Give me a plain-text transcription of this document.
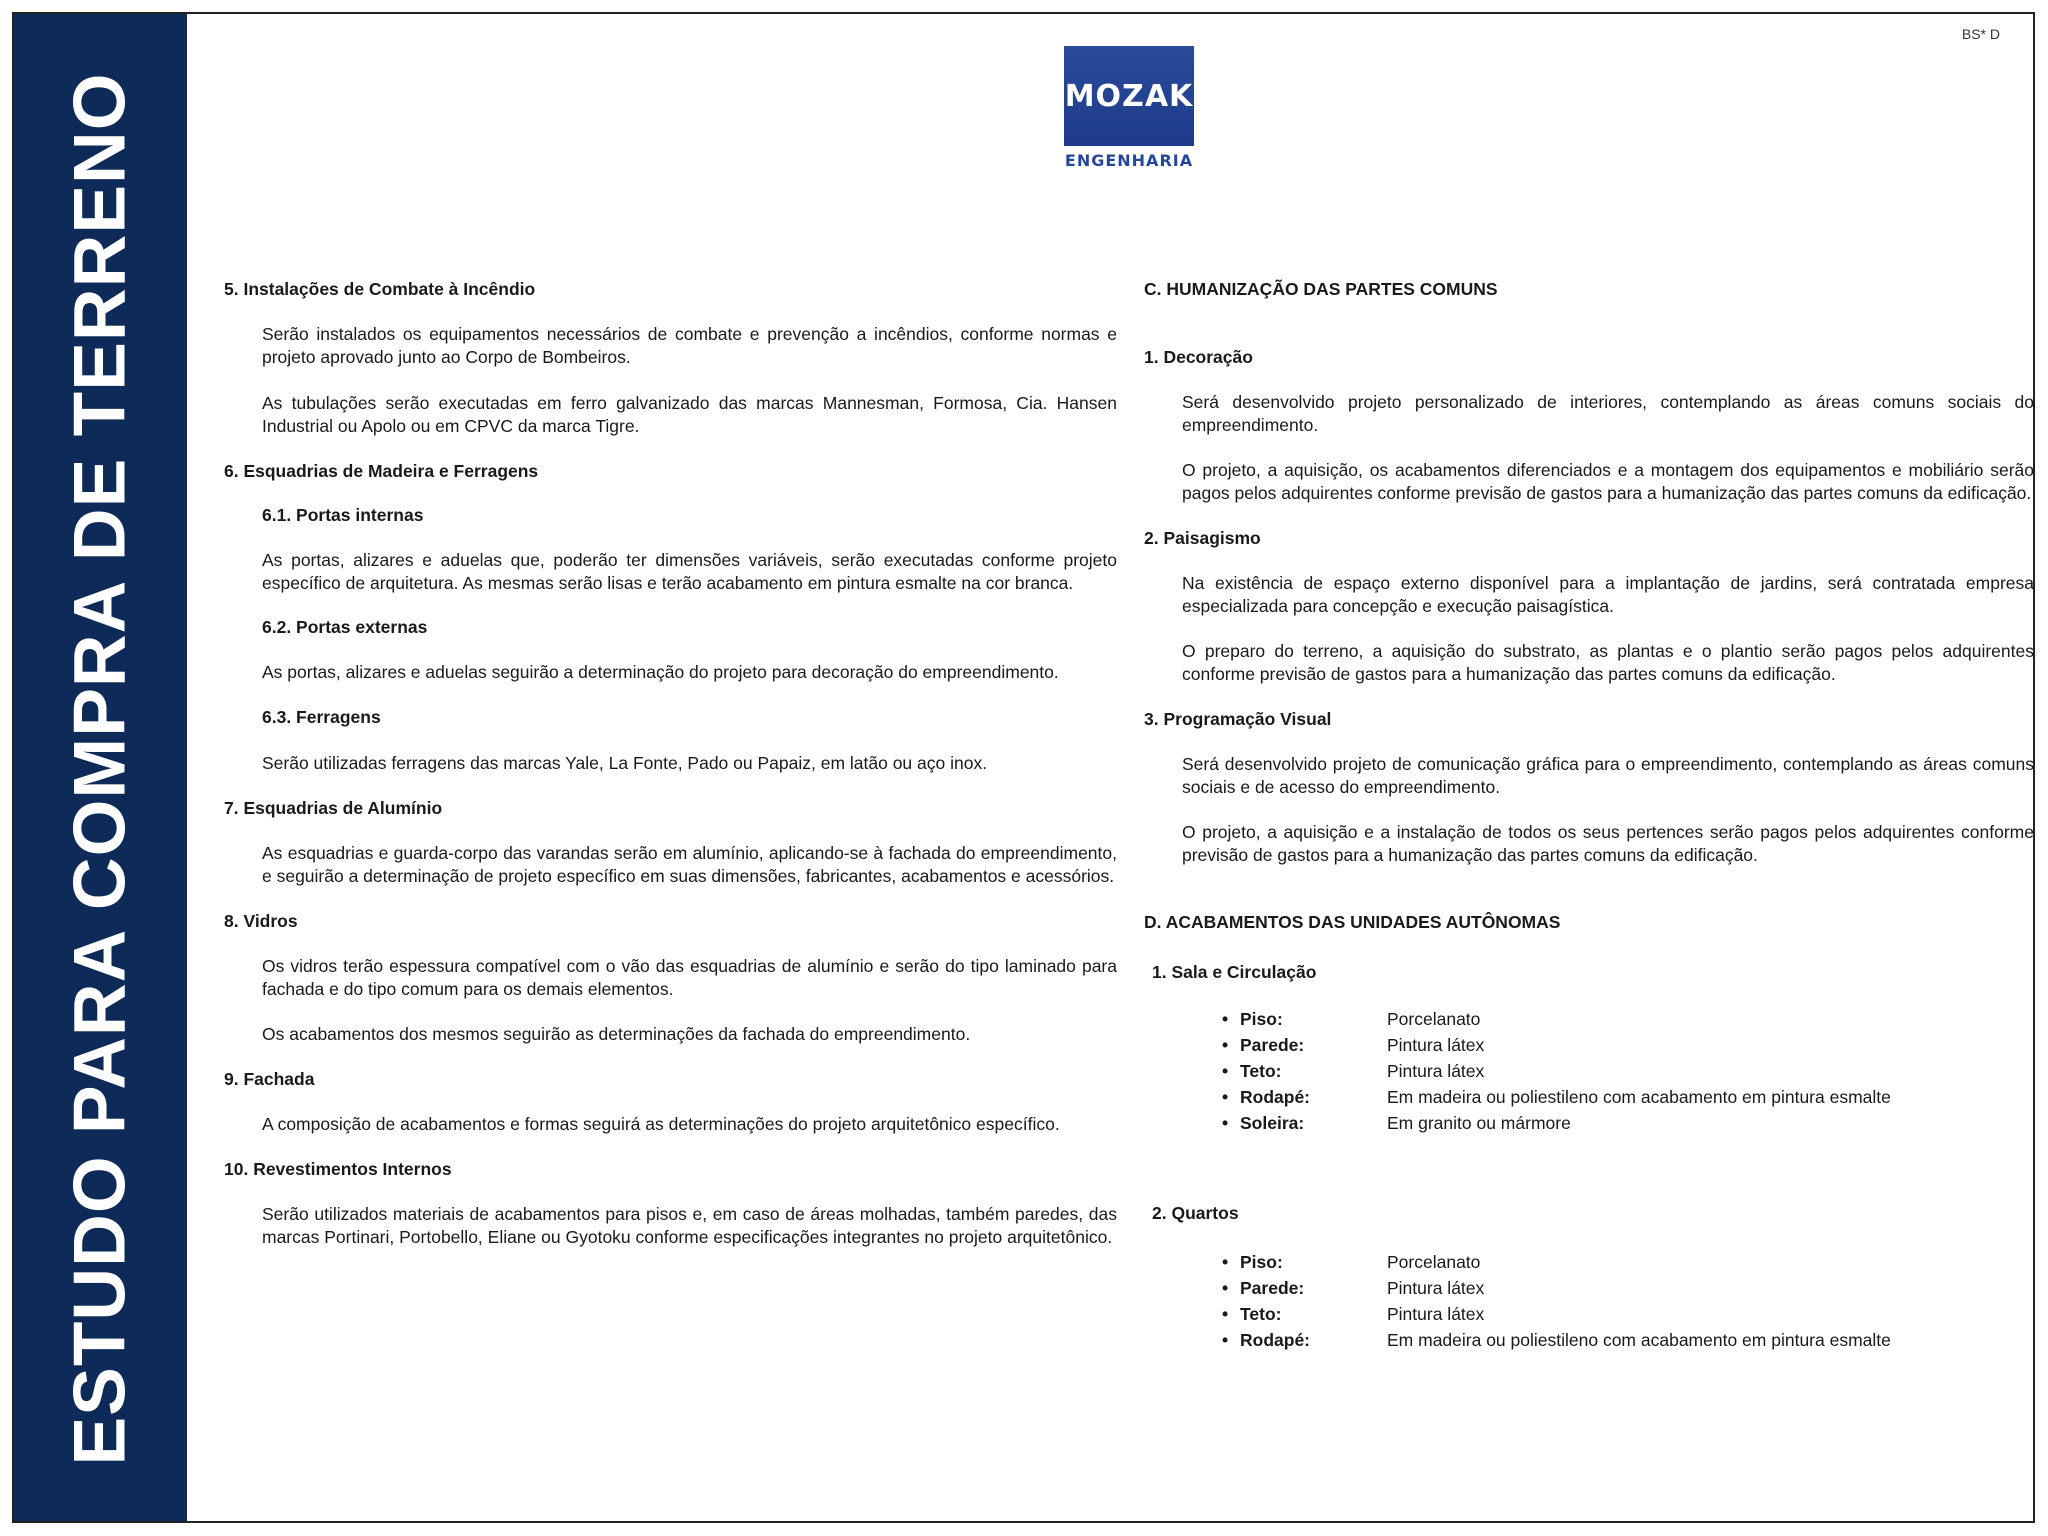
ESTUDO PARA COMPRA DE TERRENO
BS* D
MOZAK
ENGENHARIA

5. Instalações de Combate à Incêndio

Serão instalados os equipamentos necessários de combate e prevenção a incêndios, conforme normas e projeto aprovado junto ao Corpo de Bombeiros.

As tubulações serão executadas em ferro galvanizado das marcas Mannesman, Formosa, Cia. Hansen Industrial ou Apolo ou em CPVC da marca Tigre.

6. Esquadrias de Madeira e Ferragens

6.1. Portas internas

As portas, alizares e aduelas que, poderão ter dimensões variáveis, serão executadas conforme projeto específico de arquitetura. As mesmas serão lisas e terão acabamento em pintura esmalte na cor branca.

6.2. Portas externas

As portas, alizares e aduelas seguirão a determinação do projeto para decoração do empreendimento.

6.3. Ferragens

Serão utilizadas ferragens das marcas Yale, La Fonte, Pado ou Papaiz, em latão ou aço inox.

7. Esquadrias de Alumínio

As esquadrias e guarda-corpo das varandas serão em alumínio, aplicando-se à fachada do empreendimento, e seguirão a determinação de projeto específico em suas dimensões, fabricantes, acabamentos e acessórios.

8. Vidros

Os vidros terão espessura compatível com o vão das esquadrias de alumínio e serão do tipo laminado para fachada e do tipo comum para os demais elementos.

Os acabamentos dos mesmos seguirão as determinações da fachada do empreendimento.

9. Fachada

A composição de acabamentos e formas seguirá as determinações do projeto arquitetônico específico.

10. Revestimentos Internos

Serão utilizados materiais de acabamentos para pisos e, em caso de áreas molhadas, também paredes, das marcas Portinari, Portobello, Eliane ou Gyotoku conforme especificações integrantes no projeto arquitetônico.

C. HUMANIZAÇÃO DAS PARTES COMUNS

1. Decoração

Será desenvolvido projeto personalizado de interiores, contemplando as áreas comuns sociais do empreendimento.

O projeto, a aquisição, os acabamentos diferenciados e a montagem dos equipamentos e mobiliário serão pagos pelos adquirentes conforme previsão de gastos para a humanização das partes comuns da edificação.

2. Paisagismo

Na existência de espaço externo disponível para a implantação de jardins, será contratada empresa especializada para concepção e execução paisagística.

O preparo do terreno, a aquisição do substrato, as plantas e o plantio serão pagos pelos adquirentes conforme previsão de gastos para a humanização das partes comuns da edificação.

3. Programação Visual

Será desenvolvido projeto de comunicação gráfica para o empreendimento, contemplando as áreas comuns sociais e de acesso do empreendimento.

O projeto, a aquisição e a instalação de todos os seus pertences serão pagos pelos adquirentes conforme previsão de gastos para a humanização das partes comuns da edificação.

D. ACABAMENTOS DAS UNIDADES AUTÔNOMAS

1. Sala e Circulação

• Piso:	Porcelanato
• Parede:	Pintura látex
• Teto:	Pintura látex
• Rodapé:	Em madeira ou poliestileno com acabamento em pintura esmalte
• Soleira:	Em granito ou mármore

2. Quartos

• Piso:	Porcelanato
• Parede:	Pintura látex
• Teto:	Pintura látex
• Rodapé:	Em madeira ou poliestileno com acabamento em pintura esmalte
